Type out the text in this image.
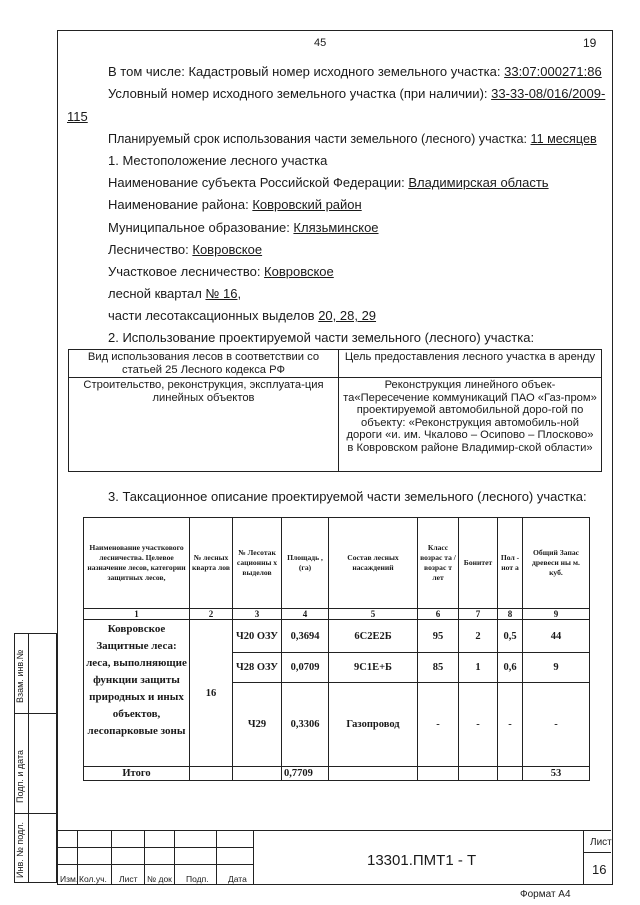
45	19
В том числе: Кадастровый номер исходного земельного участка: 33:07:000271:86
Условный номер исходного земельного участка (при наличии): 33-33-08/016/2009-
115
Планируемый срок использования части земельного (лесного) участка: 11 месяцев
1. Местоположение лесного участка
Наименование субъекта Российской Федерации: Владимирская область
Наименование района: Ковровский район
Муниципальное образование: Клязьминское
Лесничество: Ковровское
Участковое лесничество: Ковровское
лесной квартал № 16,
части лесотаксационных выделов 20, 28, 29
2. Использование проектируемой части земельного (лесного) участка:
Вид использования лесов в соответствии со статьей 25 Лесного кодекса РФ	Цель предоставления лесного участка в аренду
Строительство, реконструкция, эксплуата-ция линейных объектов	Реконструкция линейного объек-та«Пересечение коммуникаций ПАО «Газ-пром» проектируемой автомобильной доро-гой по объекту: «Реконструкция автомобиль-ной дороги «и. им. Чкалово – Осипово – Плосково» в Ковровском районе Владимир-ской области»
3. Таксационное описание проектируемой части земельного (лесного) участка:
Наименование участкового лесничества. Целевое назначение лесов, категории защитных лесов,	№ лесных кварта лов	№ Лесотак сационны х выделов	Площадь , (га)	Состав лесных насаждений	Класс возрас та /возрас т лет	Бонитет	Пол - нот а	Общий Запас древеси ны м. куб.
1	2	3	4	5	6	7	8	9
Ковровское Защитные леса: леса, выполняющие функции защиты природных и иных объектов, лесопарковые зоны	16	Ч20 ОЗУ	0,3694	6С2Е2Б	95	2	0,5	44
		Ч28 ОЗУ	0,0709	9С1Е+Б	85	1	0,6	9
		Ч29	0,3306	Газопровод	-	-	-	-
Итого			0,7709					53
Взам. инв.№
Подп. и дата
Инв. № подл.
Изм. Кол.уч. Лист № док Подп. Дата
13301.ПМТ1 - Т
Лист
16
Формат А4
